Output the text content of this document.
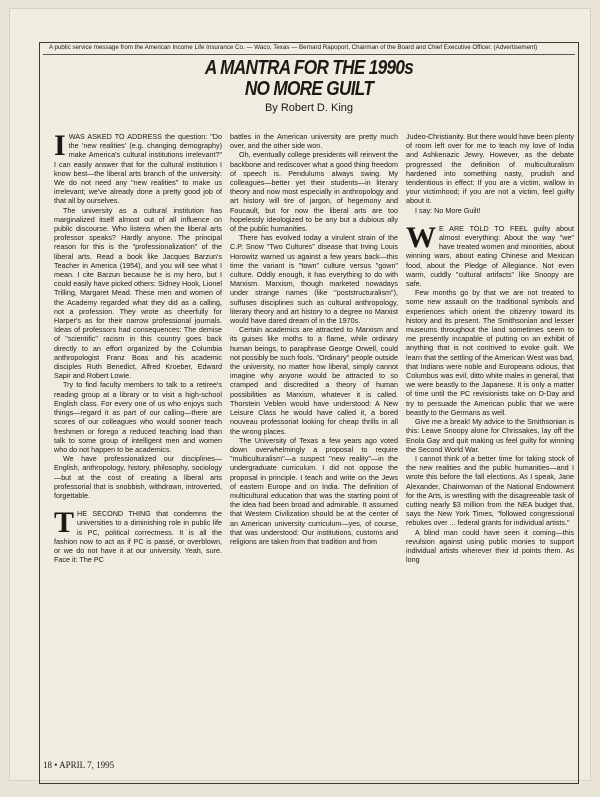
A public service message from the American Income Life Insurance Co. — Waco, Texas — Bernard Rapoport, Chairman of the Board and Chief Executive Officer. (Advertisement)
A MANTRA FOR THE 1990s
NO MORE GUILT
By Robert D. King

IWAS ASKED TO ADDRESS the question: "Do the 'new realities' (e.g. changing demography) make America's cultural institutions irrelevant?" I can easily answer that for the cultural institution I know best—the liberal arts branch of the university: We do not need any "new realities" to make us irrelevant; we've already done a pretty good job of that all by ourselves.

The university as a cultural institution has marginalized itself almost out of all influence on public discourse. Who listens when the liberal arts professor speaks? Hardly anyone. The principal reason for this is the "professionalization" of the liberal arts. Read a book like Jacques Barzun's Teacher in America (1954), and you will see what I mean. I cite Barzun because he is my hero, but I could easily have picked others: Sidney Hook, Lionel Trilling, Margaret Mead. These men and women of the Academy regarded what they did as a calling, not a profession. They wrote as cheerfully for Harper's as for their narrow professional journals. Ideas of professors had consequences: The demise of "scientific" racism in this country goes back directly to an effort organized by the Columbia anthropologist Franz Boas and his academic disciples Ruth Benedict, Alfred Kroeber, Edward Sapir and Robert Lowie.

Try to find faculty members to talk to a retiree's reading group at a library or to visit a high-school English class. For every one of us who enjoys such things—regard it as part of our calling—there are scores of our colleagues who would sooner teach freshmen or forego a reduced teaching load than talk to some group of intelligent men and women who do not happen to be academics.

We have professionalized our disciplines—English, anthropology, history, philosophy, sociology—but at the cost of creating a liberal arts professorial that is snobbish, withdrawn, introverted, forgettable.

THE SECOND THING that condemns the universities to a diminishing role in public life is PC, political correctness. It is all the fashion now to act as if PC is passé, or overblown, or we do not have it at our university. Yeah, sure. Face it: The PC

battles in the American university are pretty much over, and the other side won.

Oh, eventually college presidents will reinvent the backbone and rediscover what a good thing freedom of speech is. Pendulums always swing. My colleagues—better yet their students—in literary theory and now most especially in anthropology and art history will tire of jargon, of hegemony and Foucault, but for now the liberal arts are too hopelessly ideologized to be any but a dubious ally of the public humanities.

There has evolved today a virulent strain of the C.P. Snow "Two Cultures" disease that Irving Louis Horowitz warned us against a few years back—this time the variant is "town" culture versus "gown" culture. Oddly enough, it has everything to do with Marxism. Marxism, though marketed nowadays under strange names (like "poststructuralism"), suffuses disciplines such as cultural anthropology, literary theory and art history to a degree no Marxist would have dared dream of in the 1970s.

Certain academics are attracted to Marxism and its guises like moths to a flame, while ordinary human beings, to paraphrase George Orwell, could not possibly be such fools. "Ordinary" people outside the university, no matter how liberal, simply cannot imagine why anyone would be attracted to so cramped and discredited a theory of human possibilities as Marxism, whatever it is called. Thorstein Veblen would have understood: A New Leisure Class he would have called it, a bored nouveau professoriat looking for cheap thrills in all the wrong places.

The University of Texas a few years ago voted down overwhelmingly a proposal to require "multiculturalism"—a suspect "new reality"—in the undergraduate curriculum. I did not oppose the proposal in principle. I teach and write on the Jews of eastern Europe and on India. The definition of multicultural education that was the starting point of the idea had been broad and admirable. It assumed that Western Civilization should be at the center of an American university curriculum—yes, of course, that was understood: Our institutions, customs and religions are taken from that tradition and from

Judeo-Christianity. But there would have been plenty of room left over for me to teach my love of India and Ashkenazic Jewry. However, as the debate progressed the definition of multiculturalism hardened into something nasty, prudish and tendentious in effect: If you are a victim, wallow in your victimhood; if you are not a victim, feel guilty about it.

I say: No More Guilt!

W E ARE TOLD TO FEEL guilty about almost everything: About the way "we" have treated women and minorities, about winning wars, about eating Chinese and Mexican food, about the Pledge of Allegiance. Not even warm, cuddly "cultural artifacts" like Snoopy are safe.

Few months go by that we are not treated to some new assault on the traditional symbols and experiences which orient the citizenry toward its history and its present. The Smithsonian and lesser museums throughout the land sometimes seem to me presently incapable of putting on an exhibit of anything that is not contrived to evoke guilt. We learn that the settling of the American West was bad, that Indians were noble and Europeans odious, that Columbus was evil, ditto white males in general, that we were beastly to the Japanese. It is only a matter of time until the PC revisionists take on D-Day and try to persuade the American public that we were beastly to the Germans as well.

Give me a break! My advice to the Smithsonian is this: Leave Snoopy alone for Chrissakes, lay off the Enola Gay and quit making us feel guilty for winning the Second World War.

I cannot think of a better time for taking stock of the new realities and the public humanities—and I wrote this before the fall elections. As I speak, Jane Alexander, Chairwoman of the National Endowment for the Arts, is wrestling with the disagreeable task of cutting nearly $3 million from the NEA budget that, says the New York Times, "followed congressional rebukes over ... federal grants for individual artists."

A blind man could have seen it coming—this revulsion against using public monies to support individual artists wherever their id points them. As long

18 • APRIL 7, 1995
